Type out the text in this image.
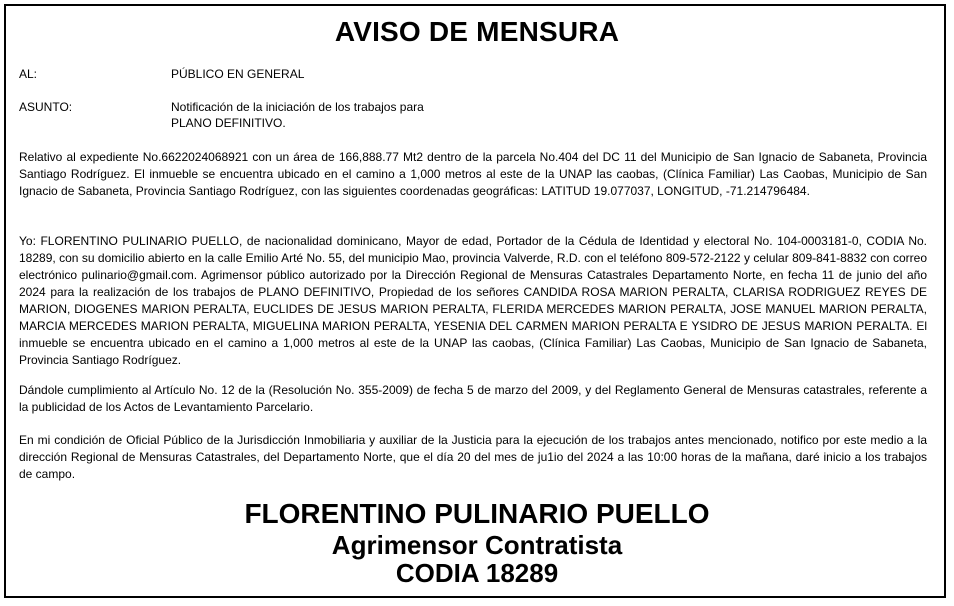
AVISO DE MENSURA
AL:	PÚBLICO EN GENERAL
ASUNTO:	Notificación de la iniciación de los trabajos para PLANO DEFINITIVO.
Relativo al expediente No.6622024068921 con un área de 166,888.77 Mt2 dentro de la parcela No.404 del DC 11 del Municipio de San Ignacio de Sabaneta, Provincia Santiago Rodríguez. El inmueble se encuentra ubicado en el camino a 1,000 metros al este de la UNAP las caobas, (Clínica Familiar) Las Caobas, Municipio de San Ignacio de Sabaneta, Provincia Santiago Rodríguez, con las siguientes coordenadas geográficas: LATITUD 19.077037, LONGITUD, -71.214796484.
Yo: FLORENTINO PULINARIO PUELLO, de nacionalidad dominicano, Mayor de edad, Portador de la Cédula de Identidad y electoral No. 104-0003181-0, CODIA No. 18289, con su domicilio abierto en la calle Emilio Arté No. 55, del municipio Mao, provincia Valverde, R.D. con el teléfono 809-572-2122 y celular 809-841-8832 con correo electrónico pulinario@gmail.com. Agrimensor público autorizado por la Dirección Regional de Mensuras Catastrales Departamento Norte, en fecha 11 de junio del año 2024 para la realización de los trabajos de PLANO DEFINITIVO, Propiedad de los señores CANDIDA ROSA MARION PERALTA, CLARISA RODRIGUEZ REYES DE MARION, DIOGENES MARION PERALTA, EUCLIDES DE JESUS MARION PERALTA, FLERIDA MERCEDES MARION PERALTA, JOSE MANUEL MARION PERALTA, MARCIA MERCEDES MARION PERALTA, MIGUELINA MARION PERALTA, YESENIA DEL CARMEN MARION PERALTA E YSIDRO DE JESUS MARION PERALTA. El inmueble se encuentra ubicado en el camino a 1,000 metros al este de la UNAP las caobas, (Clínica Familiar) Las Caobas, Municipio de San Ignacio de Sabaneta, Provincia Santiago Rodríguez.
Dándole cumplimiento al Artículo No. 12 de la (Resolución No. 355-2009) de fecha 5 de marzo del 2009, y del Reglamento General de Mensuras catastrales, referente a la publicidad de los Actos de Levantamiento Parcelario.
En mi condición de Oficial Público de la Jurisdicción Inmobiliaria y auxiliar de la Justicia para la ejecución de los trabajos antes mencionado, notifico por este medio a la dirección Regional de Mensuras Catastrales, del Departamento Norte, que el día 20 del mes de ju1io del 2024 a las 10:00 horas de la mañana, daré inicio a los trabajos de campo.
FLORENTINO PULINARIO PUELLO
Agrimensor Contratista
CODIA 18289
